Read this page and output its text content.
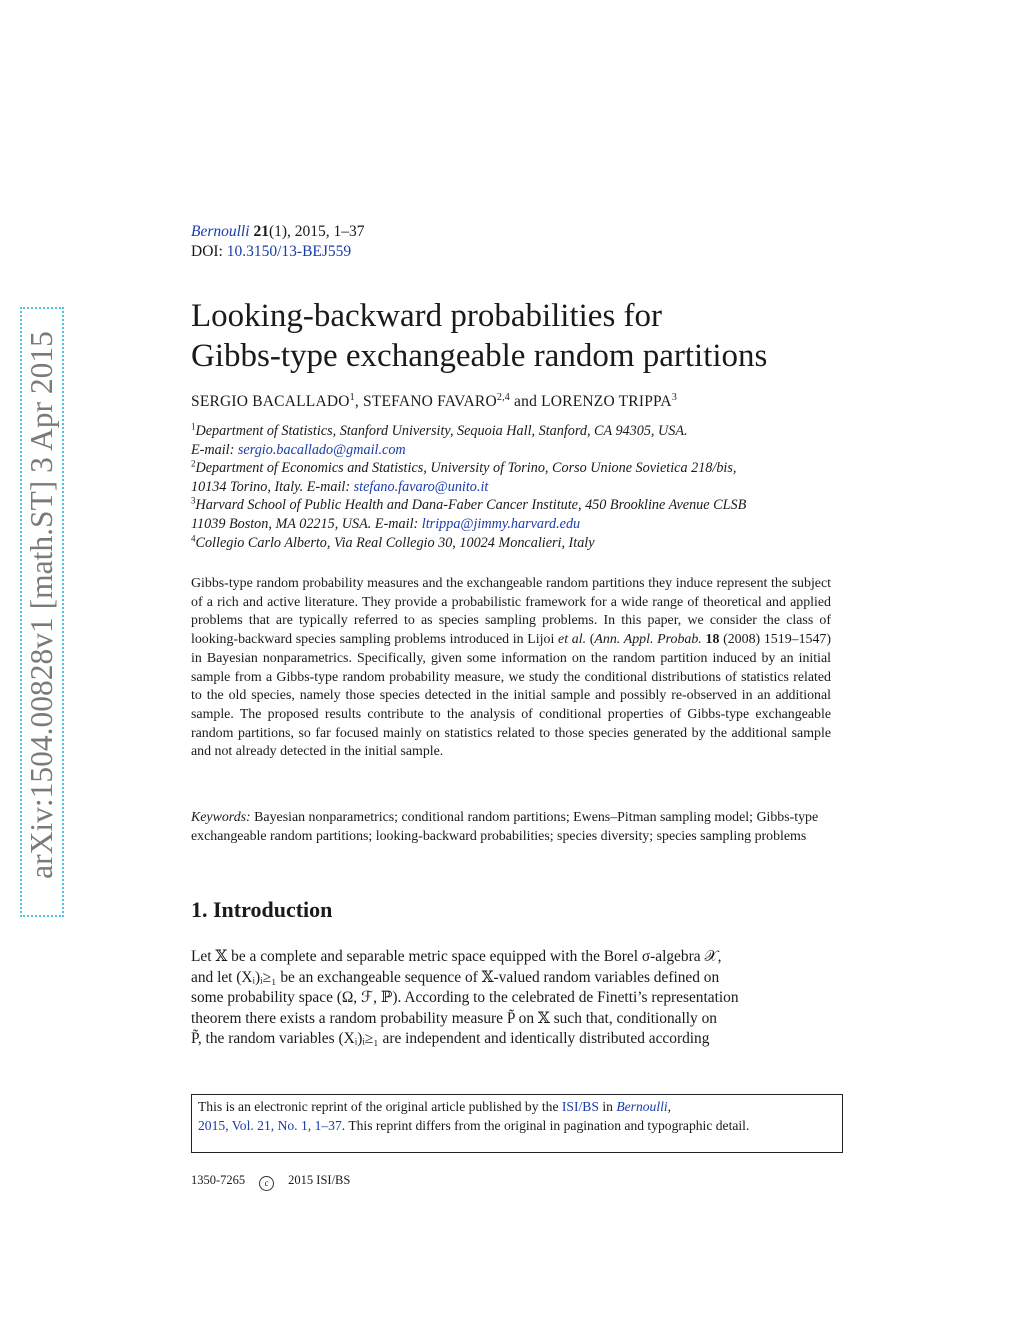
arXiv:1504.00828v1 [math.ST] 3 Apr 2015
Bernoulli 21(1), 2015, 1–37
DOI: 10.3150/13-BEJ559
Looking-backward probabilities for
Gibbs-type exchangeable random partitions
SERGIO BACALLADO$^1$, STEFANO FAVARO$^{2,4}$ and LORENZO TRIPPA$^3$
$^1$Department of Statistics, Stanford University, Sequoia Hall, Stanford, CA 94305, USA.
E-mail: sergio.bacallado@gmail.com
$^2$Department of Economics and Statistics, University of Torino, Corso Unione Sovietica 218/bis,
10134 Torino, Italy. E-mail: stefano.favaro@unito.it
$^3$Harvard School of Public Health and Dana-Faber Cancer Institute, 450 Brookline Avenue CLSB
11039 Boston, MA 02215, USA. E-mail: ltrippa@jimmy.harvard.edu
$^4$Collegio Carlo Alberto, Via Real Collegio 30, 10024 Moncalieri, Italy
Gibbs-type random probability measures and the exchangeable random partitions they induce represent the subject of a rich and active literature. They provide a probabilistic framework for a wide range of theoretical and applied problems that are typically referred to as species sampling problems. In this paper, we consider the class of looking-backward species sampling problems introduced in Lijoi et al. (Ann. Appl. Probab. 18 (2008) 1519–1547) in Bayesian nonparametrics. Specifically, given some information on the random partition induced by an initial sample from a Gibbs-type random probability measure, we study the conditional distributions of statistics related to the old species, namely those species detected in the initial sample and possibly re-observed in an additional sample. The proposed results contribute to the analysis of conditional properties of Gibbs-type exchangeable random partitions, so far focused mainly on statistics related to those species generated by the additional sample and not already detected in the initial sample.
Keywords: Bayesian nonparametrics; conditional random partitions; Ewens–Pitman sampling model; Gibbs-type exchangeable random partitions; looking-backward probabilities; species diversity; species sampling problems
1. Introduction
Let 𝕏 be a complete and separable metric space equipped with the Borel σ-algebra 𝒳,
and let (Xᵢ)ᵢ≥₁ be an exchangeable sequence of 𝕏-valued random variables defined on
some probability space (Ω, ℱ, ℙ). According to the celebrated de Finetti’s representation
theorem there exists a random probability measure P̃ on 𝕏 such that, conditionally on
P̃, the random variables (Xᵢ)ᵢ≥₁ are independent and identically distributed according
This is an electronic reprint of the original article published by the ISI/BS in Bernoulli,
2015, Vol. 21, No. 1, 1–37. This reprint differs from the original in pagination and typographic detail.
1350-7265 c 2015 ISI/BS
